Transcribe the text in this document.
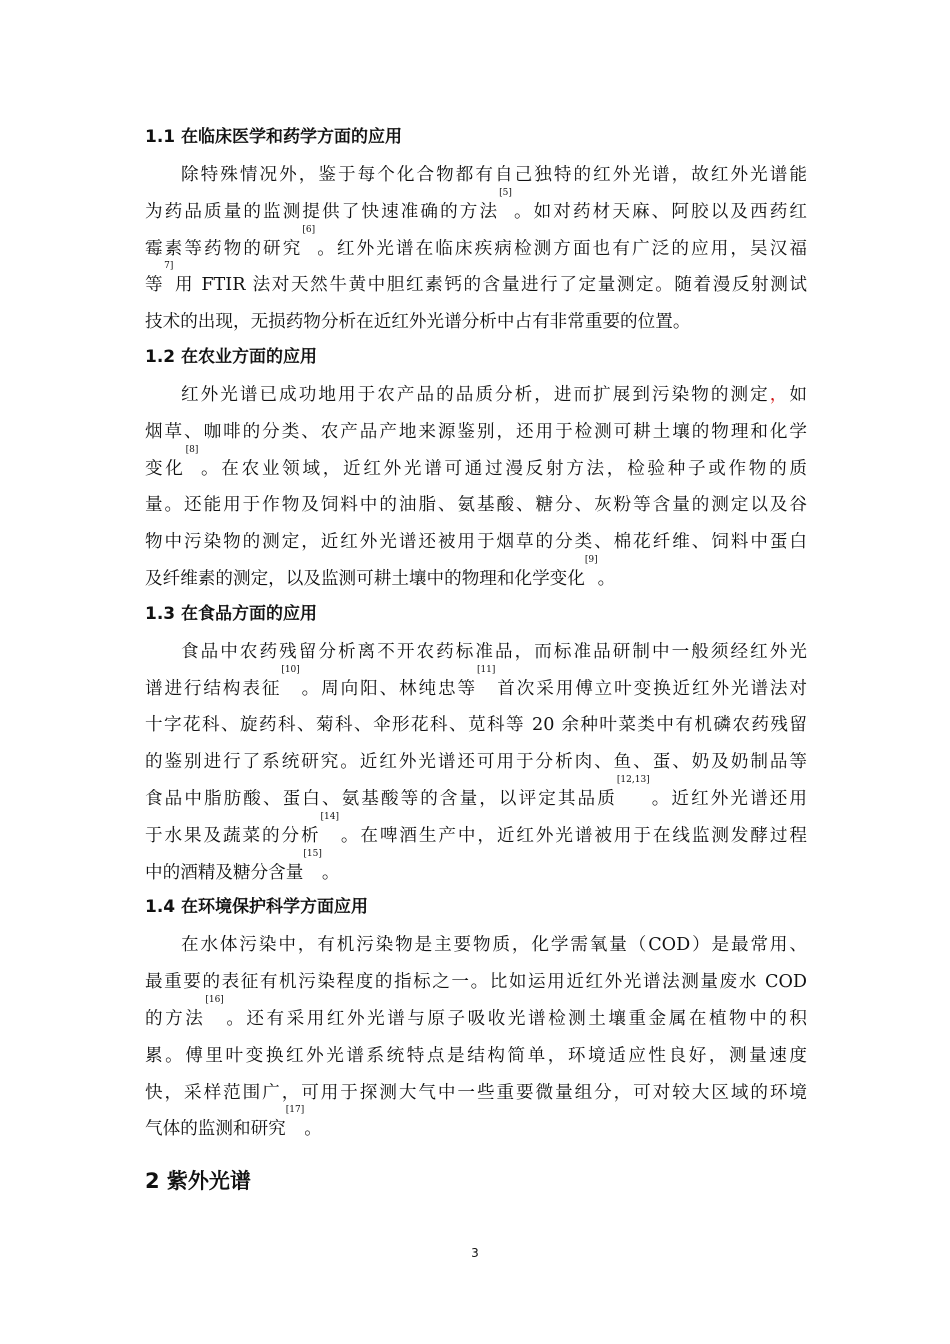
1.1 在临床医学和药学方面的应用
除特殊情况外，鉴于每个化合物都有自己独特的红外光谱，故红外光谱能
为药品质量的监测提供了快速准确的方法[5]。如对药材天麻、阿胶以及西药红
霉素等药物的研究[6]。红外光谱在临床疾病检测方面也有广泛的应用，吴汉福
等$^{7]}$用 FTIR 法对天然牛黄中胆红素钙的含量进行了定量测定。随着漫反射测试
技术的出现，无损药物分析在近红外光谱分析中占有非常重要的位置。
1.2 在农业方面的应用
红外光谱已成功地用于农产品的品质分析，进而扩展到污染物的测定，如
烟草、咖啡的分类、农产品产地来源鉴别，还用于检测可耕土壤的物理和化学
变化[8]。在农业领域，近红外光谱可通过漫反射方法，检验种子或作物的质
量。还能用于作物及饲料中的油脂、氨基酸、糖分、灰粉等含量的测定以及谷
物中污染物的测定，近红外光谱还被用于烟草的分类、棉花纤维、饲料中蛋白
及纤维素的测定，以及监测可耕土壤中的物理和化学变化[9]。
1.3 在食品方面的应用
食品中农药残留分析离不开农药标准品，而标准品研制中一般须经红外光
谱进行结构表征[10]。周向阳、林纯忠等[11]首次采用傅立叶变换近红外光谱法对
十字花科、旋药科、菊科、伞形花科、苋科等 20 余种叶菜类中有机磷农药残留
的鉴别进行了系统研究。近红外光谱还可用于分析肉、鱼、蛋、奶及奶制品等
食品中脂肪酸、蛋白、氨基酸等的含量，以评定其品质[12,13]。近红外光谱还用
于水果及蔬菜的分析[14]。在啤酒生产中，近红外光谱被用于在线监测发酵过程
中的酒精及糖分含量[15]。
1.4 在环境保护科学方面应用
在水体污染中，有机污染物是主要物质，化学需氧量（COD）是最常用、
最重要的表征有机污染程度的指标之一。比如运用近红外光谱法测量废水 COD
的方法[16]。还有采用红外光谱与原子吸收光谱检测土壤重金属在植物中的积
累。傅里叶变换红外光谱系统特点是结构简单，环境适应性良好，测量速度
快，采样范围广，可用于探测大气中一些重要微量组分，可对较大区域的环境
气体的监测和研究[17]。
2 紫外光谱
3
